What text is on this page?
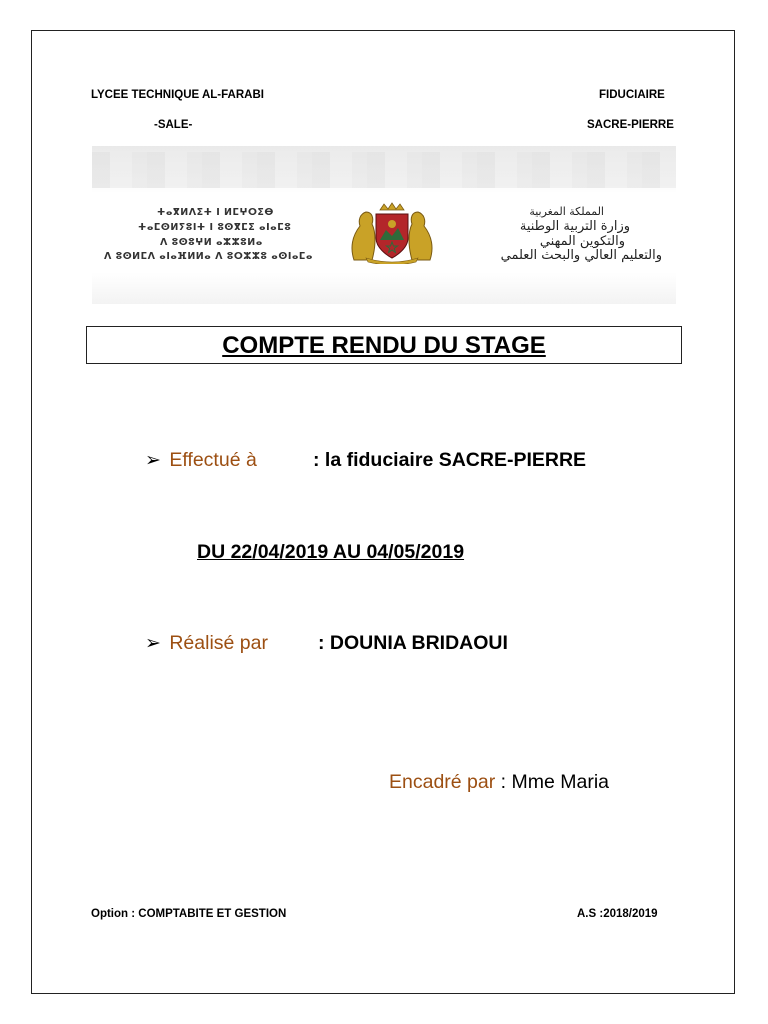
LYCEE TECHNIQUE AL-FARABI
-SALE-
FIDUCIAIRE
SACRE-PIERRE
ⵜⴰⴳⵍⴷⵉⵜ ⵏ ⵍⵎⵖⵔⵉⴱ
ⵜⴰⵎⵙⵍⵢⵓⵏⵜ ⵏ ⵓⵙⴳⵎⵉ ⴰⵏⴰⵎⵓ
ⴷ ⵓⵙⵓⵖⵍ ⴰⵣⵣⵓⵍⴰ
ⴷ ⵓⵙⵍⵎⴷ ⴰⵏⴰⴼⵍⵍⴰ ⴷ ⵓⵔⵣⵣⵓ ⴰⵙⵏⴰⵎⴰ
المملكة المغربية
وزارة التربية الوطنية
والتكوين المهني
والتعليم العالي والبحث العلمي
COMPTE RENDU DU STAGE
➢ Effectué à	: la fiduciaire SACRE-PIERRE
DU 22/04/2019 AU 04/05/2019
➢ Réalisé par	: DOUNIA BRIDAOUI
Encadré par : Mme Maria
Option : COMPTABITE ET GESTION	A.S :2018/2019
